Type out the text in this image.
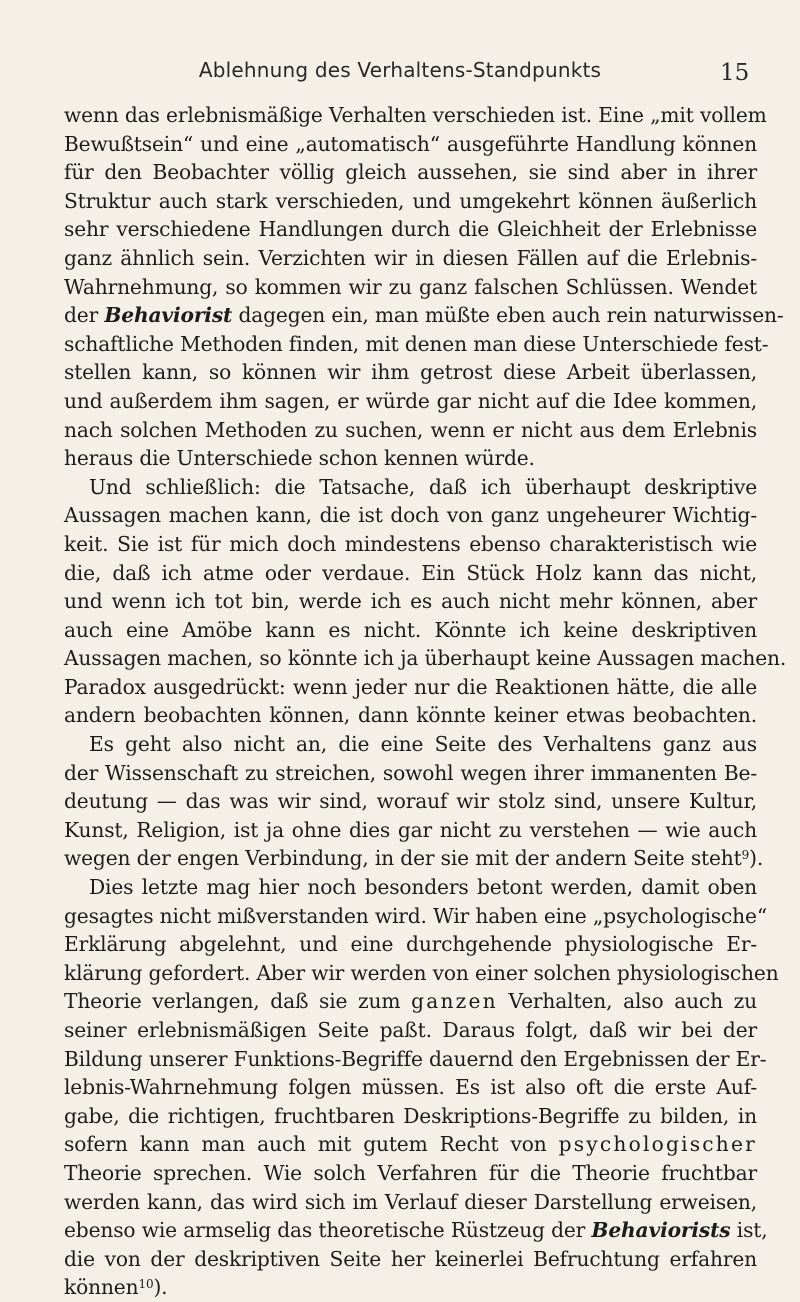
Ablehnung des Verhaltens-Standpunkts	15
wenn das erlebnismäßige Verhalten verschieden ist. Eine „mit vollem
Bewußtsein“ und eine „automatisch“ ausgeführte Handlung können
für den Beobachter völlig gleich aussehen, sie sind aber in ihrer
Struktur auch stark verschieden, und umgekehrt können äußerlich
sehr verschiedene Handlungen durch die Gleichheit der Erlebnisse
ganz ähnlich sein. Verzichten wir in diesen Fällen auf die Erlebnis-
Wahrnehmung, so kommen wir zu ganz falschen Schlüssen. Wendet
der Behaviorist dagegen ein, man müßte eben auch rein naturwissen-
schaftliche Methoden finden, mit denen man diese Unterschiede fest-
stellen kann, so können wir ihm getrost diese Arbeit überlassen,
und außerdem ihm sagen, er würde gar nicht auf die Idee kommen,
nach solchen Methoden zu suchen, wenn er nicht aus dem Erlebnis
heraus die Unterschiede schon kennen würde.
Und schließlich: die Tatsache, daß ich überhaupt deskriptive
Aussagen machen kann, die ist doch von ganz ungeheurer Wichtig-
keit. Sie ist für mich doch mindestens ebenso charakteristisch wie
die, daß ich atme oder verdaue. Ein Stück Holz kann das nicht,
und wenn ich tot bin, werde ich es auch nicht mehr können, aber
auch eine Amöbe kann es nicht. Könnte ich keine deskriptiven
Aussagen machen, so könnte ich ja überhaupt keine Aussagen machen.
Paradox ausgedrückt: wenn jeder nur die Reaktionen hätte, die alle
andern beobachten können, dann könnte keiner etwas beobachten.
Es geht also nicht an, die eine Seite des Verhaltens ganz aus
der Wissenschaft zu streichen, sowohl wegen ihrer immanenten Be-
deutung — das was wir sind, worauf wir stolz sind, unsere Kultur,
Kunst, Religion, ist ja ohne dies gar nicht zu verstehen — wie auch
wegen der engen Verbindung, in der sie mit der andern Seite steht$^9$).
Dies letzte mag hier noch besonders betont werden, damit oben
gesagtes nicht mißverstanden wird. Wir haben eine „psychologische“
Erklärung abgelehnt, und eine durchgehende physiologische Er-
klärung gefordert. Aber wir werden von einer solchen physiologischen
Theorie verlangen, daß sie zum ganzen Verhalten, also auch zu
seiner erlebnismäßigen Seite paßt. Daraus folgt, daß wir bei der
Bildung unserer Funktions-Begriffe dauernd den Ergebnissen der Er-
lebnis-Wahrnehmung folgen müssen. Es ist also oft die erste Auf-
gabe, die richtigen, fruchtbaren Deskriptions-Begriffe zu bilden, in
sofern kann man auch mit gutem Recht von psychologischer
Theorie sprechen. Wie solch Verfahren für die Theorie fruchtbar
werden kann, das wird sich im Verlauf dieser Darstellung erweisen,
ebenso wie armselig das theoretische Rüstzeug der Behaviorists ist,
die von der deskriptiven Seite her keinerlei Befruchtung erfahren
können$^{10}$).
